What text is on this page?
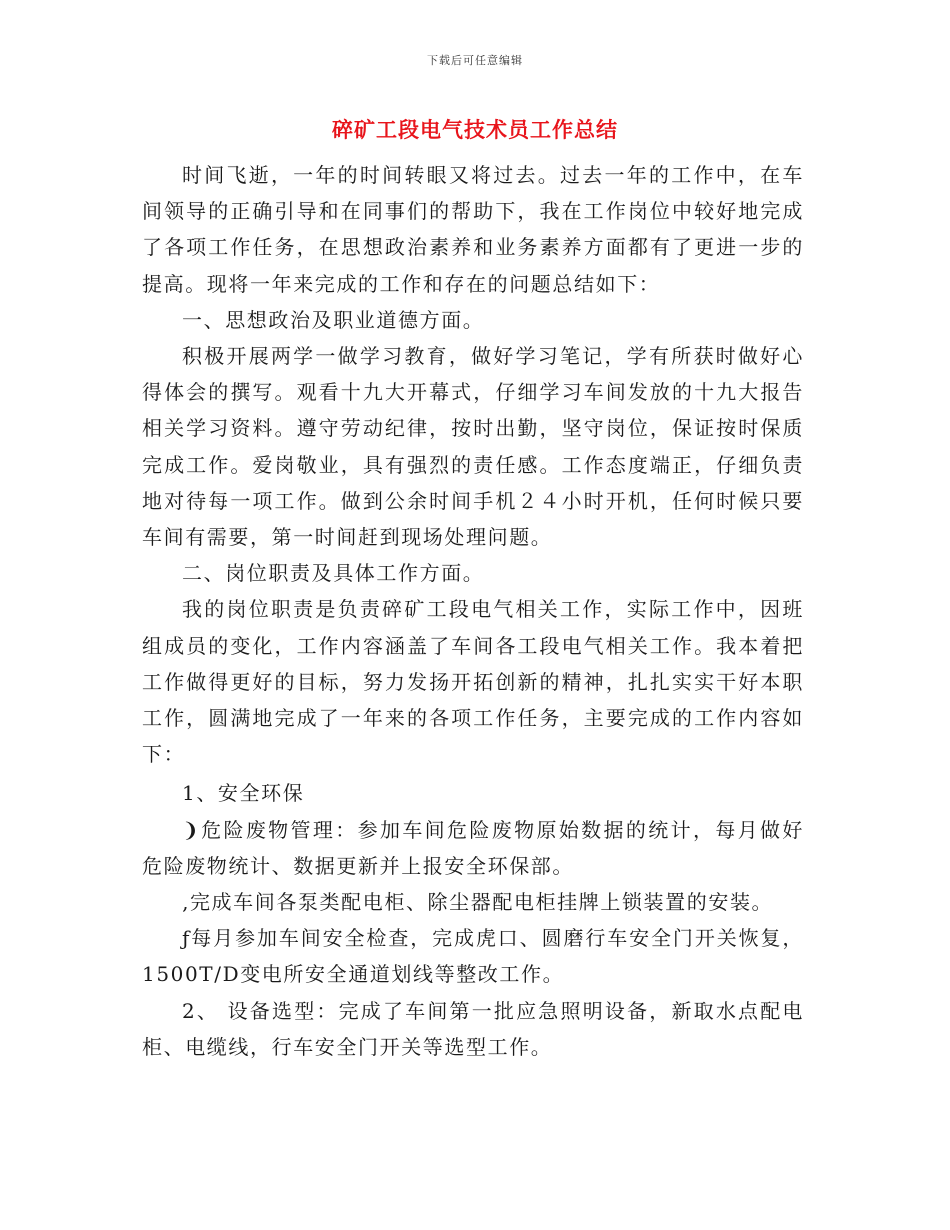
下载后可任意编辑
碎矿工段电气技术员工作总结

时间飞逝，一年的时间转眼又将过去。过去一年的工作中，在车间领导的正确引导和在同事们的帮助下，我在工作岗位中较好地完成了各项工作任务，在思想政治素养和业务素养方面都有了更进一步的提高。现将一年来完成的工作和存在的问题总结如下：

一、思想政治及职业道德方面。

积极开展两学一做学习教育，做好学习笔记，学有所获时做好心得体会的撰写。观看十九大开幕式，仔细学习车间发放的十九大报告相关学习资料。遵守劳动纪律，按时出勤，坚守岗位，保证按时保质完成工作。爱岗敬业，具有强烈的责任感。工作态度端正，仔细负责地对待每一项工作。做到公余时间手机２４小时开机，任何时候只要车间有需要，第一时间赶到现场处理问题。

二、岗位职责及具体工作方面。

我的岗位职责是负责碎矿工段电气相关工作，实际工作中，因班组成员的变化，工作内容涵盖了车间各工段电气相关工作。我本着把工作做得更好的目标，努力发扬开拓创新的精神，扎扎实实干好本职工作，圆满地完成了一年来的各项工作任务，主要完成的工作内容如下：

1、安全环保

❩危险废物管理：参加车间危险废物原始数据的统计，每月做好危险废物统计、数据更新并上报安全环保部。

‚完成车间各泵类配电柜、除尘器配电柜挂牌上锁装置的安装。

ƒ每月参加车间安全检查，完成虎口、圆磨行车安全门开关恢复，1500T/D变电所安全通道划线等整改工作。

2、 设备选型：完成了车间第一批应急照明设备，新取水点配电柜、电缆线，行车安全门开关等选型工作。
